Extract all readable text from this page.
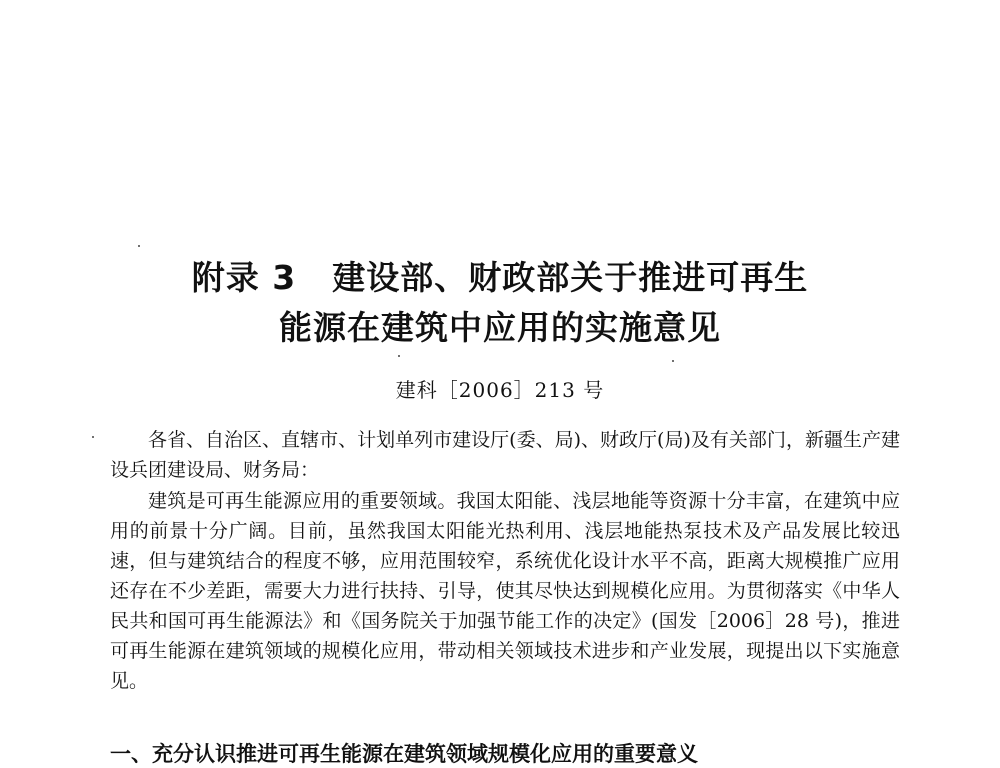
附录 3 建设部、财政部关于推进可再生
能源在建筑中应用的实施意见
建科［2006］213 号

各省、自治区、直辖市、计划单列市建设厅(委、局)、财政厅(局)及有关部门，新疆生产建设兵团建设局、财务局：

建筑是可再生能源应用的重要领域。我国太阳能、浅层地能等资源十分丰富，在建筑中应用的前景十分广阔。目前，虽然我国太阳能光热利用、浅层地能热泵技术及产品发展比较迅速，但与建筑结合的程度不够，应用范围较窄，系统优化设计水平不高，距离大规模推广应用还存在不少差距，需要大力进行扶持、引导，使其尽快达到规模化应用。为贯彻落实《中华人民共和国可再生能源法》和《国务院关于加强节能工作的决定》(国发［2006］28 号)，推进可再生能源在建筑领域的规模化应用，带动相关领域技术进步和产业发展，现提出以下实施意见。

一、充分认识推进可再生能源在建筑领域规模化应用的重要意义
